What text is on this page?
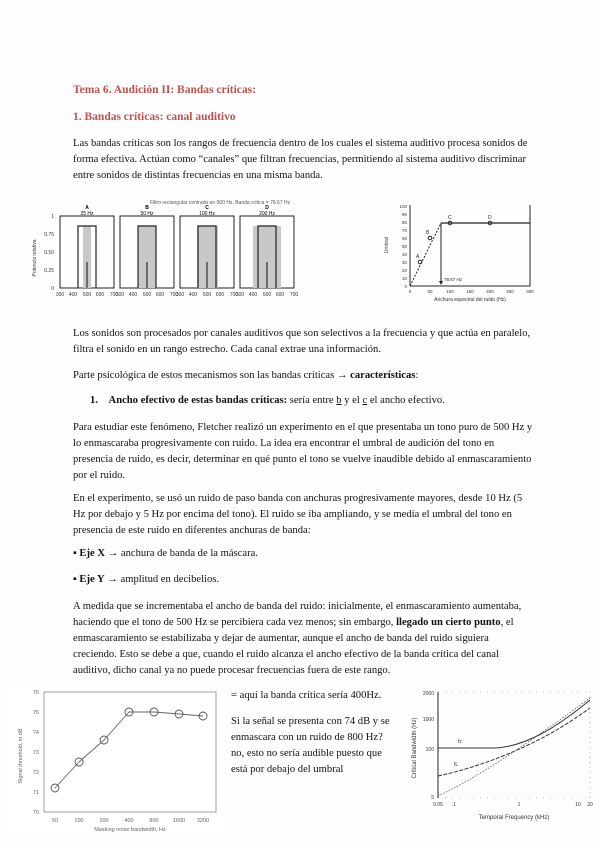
Tema 6. Audición II: Bandas críticas:
1. Bandas críticas: canal auditivo
Las bandas críticas son los rangos de frecuencia dentro de los cuales el sistema auditivo procesa sonidos de forma efectiva. Actúan como “canales” que filtran frecuencias, permitiendo al sistema auditivo discriminar entre sonidos de distintas frecuencias en una misma banda.
Filtro rectangular centrado en 500 Hz. Banda crítica = 78.67 Hz
Potencia relativa
0
0.25
0.50
0.75
1
A
25 Hz
300 400 500 600 700
B
50 Hz
300 400 500 600 700
C
100 Hz
300 400 500 600 700
D
200 Hz
300 400 500 600 700
Umbral
0
10
20
30
40
50
60
70
80
90
100
0	50	100	150	200	250	300
Anchura espectral del ruido (Hz)
78.67 Hz
A
B
C	D
Los sonidos son procesados por canales auditivos que son selectivos a la frecuencia y que actúa en paralelo, filtra el sonido en un rango estrecho. Cada canal extrae una información.
Parte psicológica de estos mecanismos son las bandas críticas → características:
1. Ancho efectivo de estas bandas críticas: sería entre b y el c el ancho efectivo.
Para estudiar este fenómeno, Fletcher realizó un experimento en el que presentaba un tono puro de 500 Hz y lo enmascaraba progresivamente con ruido. La idea era encontrar el umbral de audición del tono en presencia de ruido, es decir, determinar en qué punto el tono se vuelve inaudible debido al enmascaramiento por el ruido.
En el experimento, se usó un ruido de paso banda con anchuras progresivamente mayores, desde 10 Hz (5 Hz por debajo y 5 Hz por encima del tono). El ruido se iba ampliando, y se medía el umbral del tono en presencia de este ruido en diferentes anchuras de banda:
▪ Eje X → anchura de banda de la máscara.
▪ Eje Y → amplitud en decibelios.
A medida que se incrementaba el ancho de banda del ruido: inicialmente, el enmascaramiento aumentaba, haciendo que el tono de 500 Hz se percibiera cada vez menos; sin embargo, llegado un cierto punto, el enmascaramiento se estabilizaba y dejar de aumentar, aunque el ancho de banda del ruido siguiera creciendo. Esto se debe a que, cuando el ruido alcanza el ancho efectivo de la banda crítica del canal auditivo, dicho canal ya no puede procesar frecuencias fuera de este rango.
Signal threshold, in dB
70
71
72
73
74
75
76
50	100	200	400	800	1600 3200
Masking noise bandwidth, Hz
= aquí la banda crítica sería 400Hz.
Si la señal se presenta con 74 dB y se enmascara con un ruido de 800 Hz? no, esto no sería audible puesto que está por debajo del umbral	Critical Bandwidth (Hz)
2000
1000
100
5
0.05 .1	1	10 20
Temporal Frequency (kHz)
fz
fL
